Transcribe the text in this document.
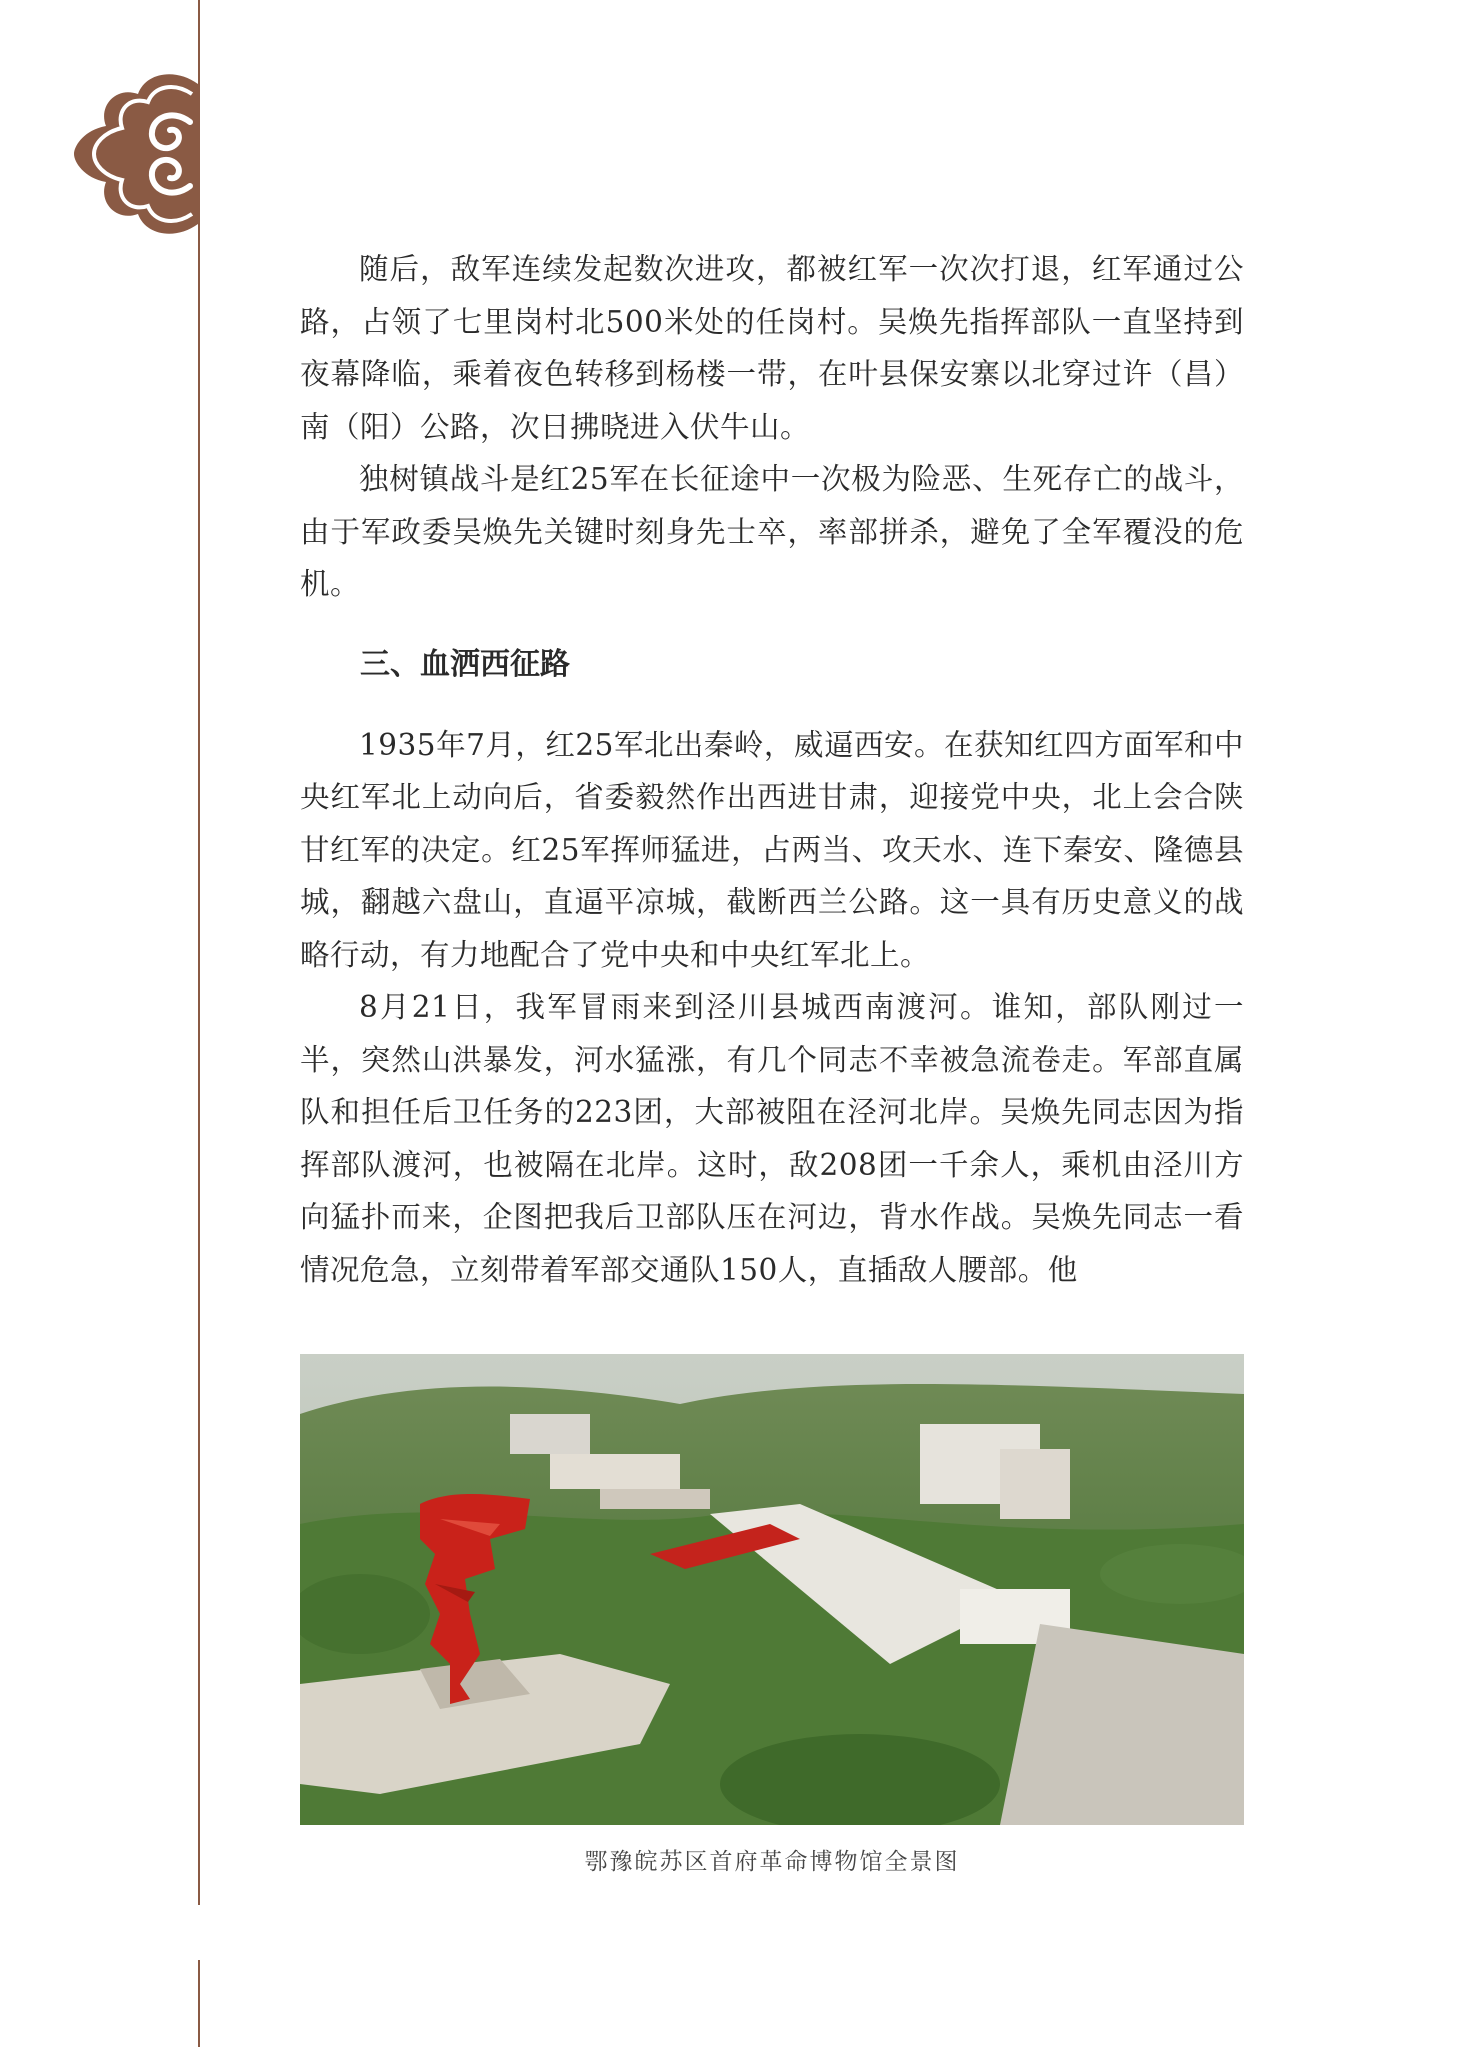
随后，敌军连续发起数次进攻，都被红军一次次打退，红军通过公路，占领了七里岗村北500米处的任岗村。吴焕先指挥部队一直坚持到夜幕降临，乘着夜色转移到杨楼一带，在叶县保安寨以北穿过许（昌）南（阳）公路，次日拂晓进入伏牛山。

独树镇战斗是红25军在长征途中一次极为险恶、生死存亡的战斗，由于军政委吴焕先关键时刻身先士卒，率部拼杀，避免了全军覆没的危机。

三、血洒西征路

1935年7月，红25军北出秦岭，威逼西安。在获知红四方面军和中央红军北上动向后，省委毅然作出西进甘肃，迎接党中央，北上会合陕甘红军的决定。红25军挥师猛进，占两当、攻天水、连下秦安、隆德县城，翻越六盘山，直逼平凉城，截断西兰公路。这一具有历史意义的战略行动，有力地配合了党中央和中央红军北上。

8月21日，我军冒雨来到泾川县城西南渡河。谁知，部队刚过一半，突然山洪暴发，河水猛涨，有几个同志不幸被急流卷走。军部直属队和担任后卫任务的223团，大部被阻在泾河北岸。吴焕先同志因为指挥部队渡河，也被隔在北岸。这时，敌208团一千余人，乘机由泾川方向猛扑而来，企图把我后卫部队压在河边，背水作战。吴焕先同志一看情况危急，立刻带着军部交通队150人，直插敌人腰部。他

鄂豫皖苏区首府革命博物馆全景图
